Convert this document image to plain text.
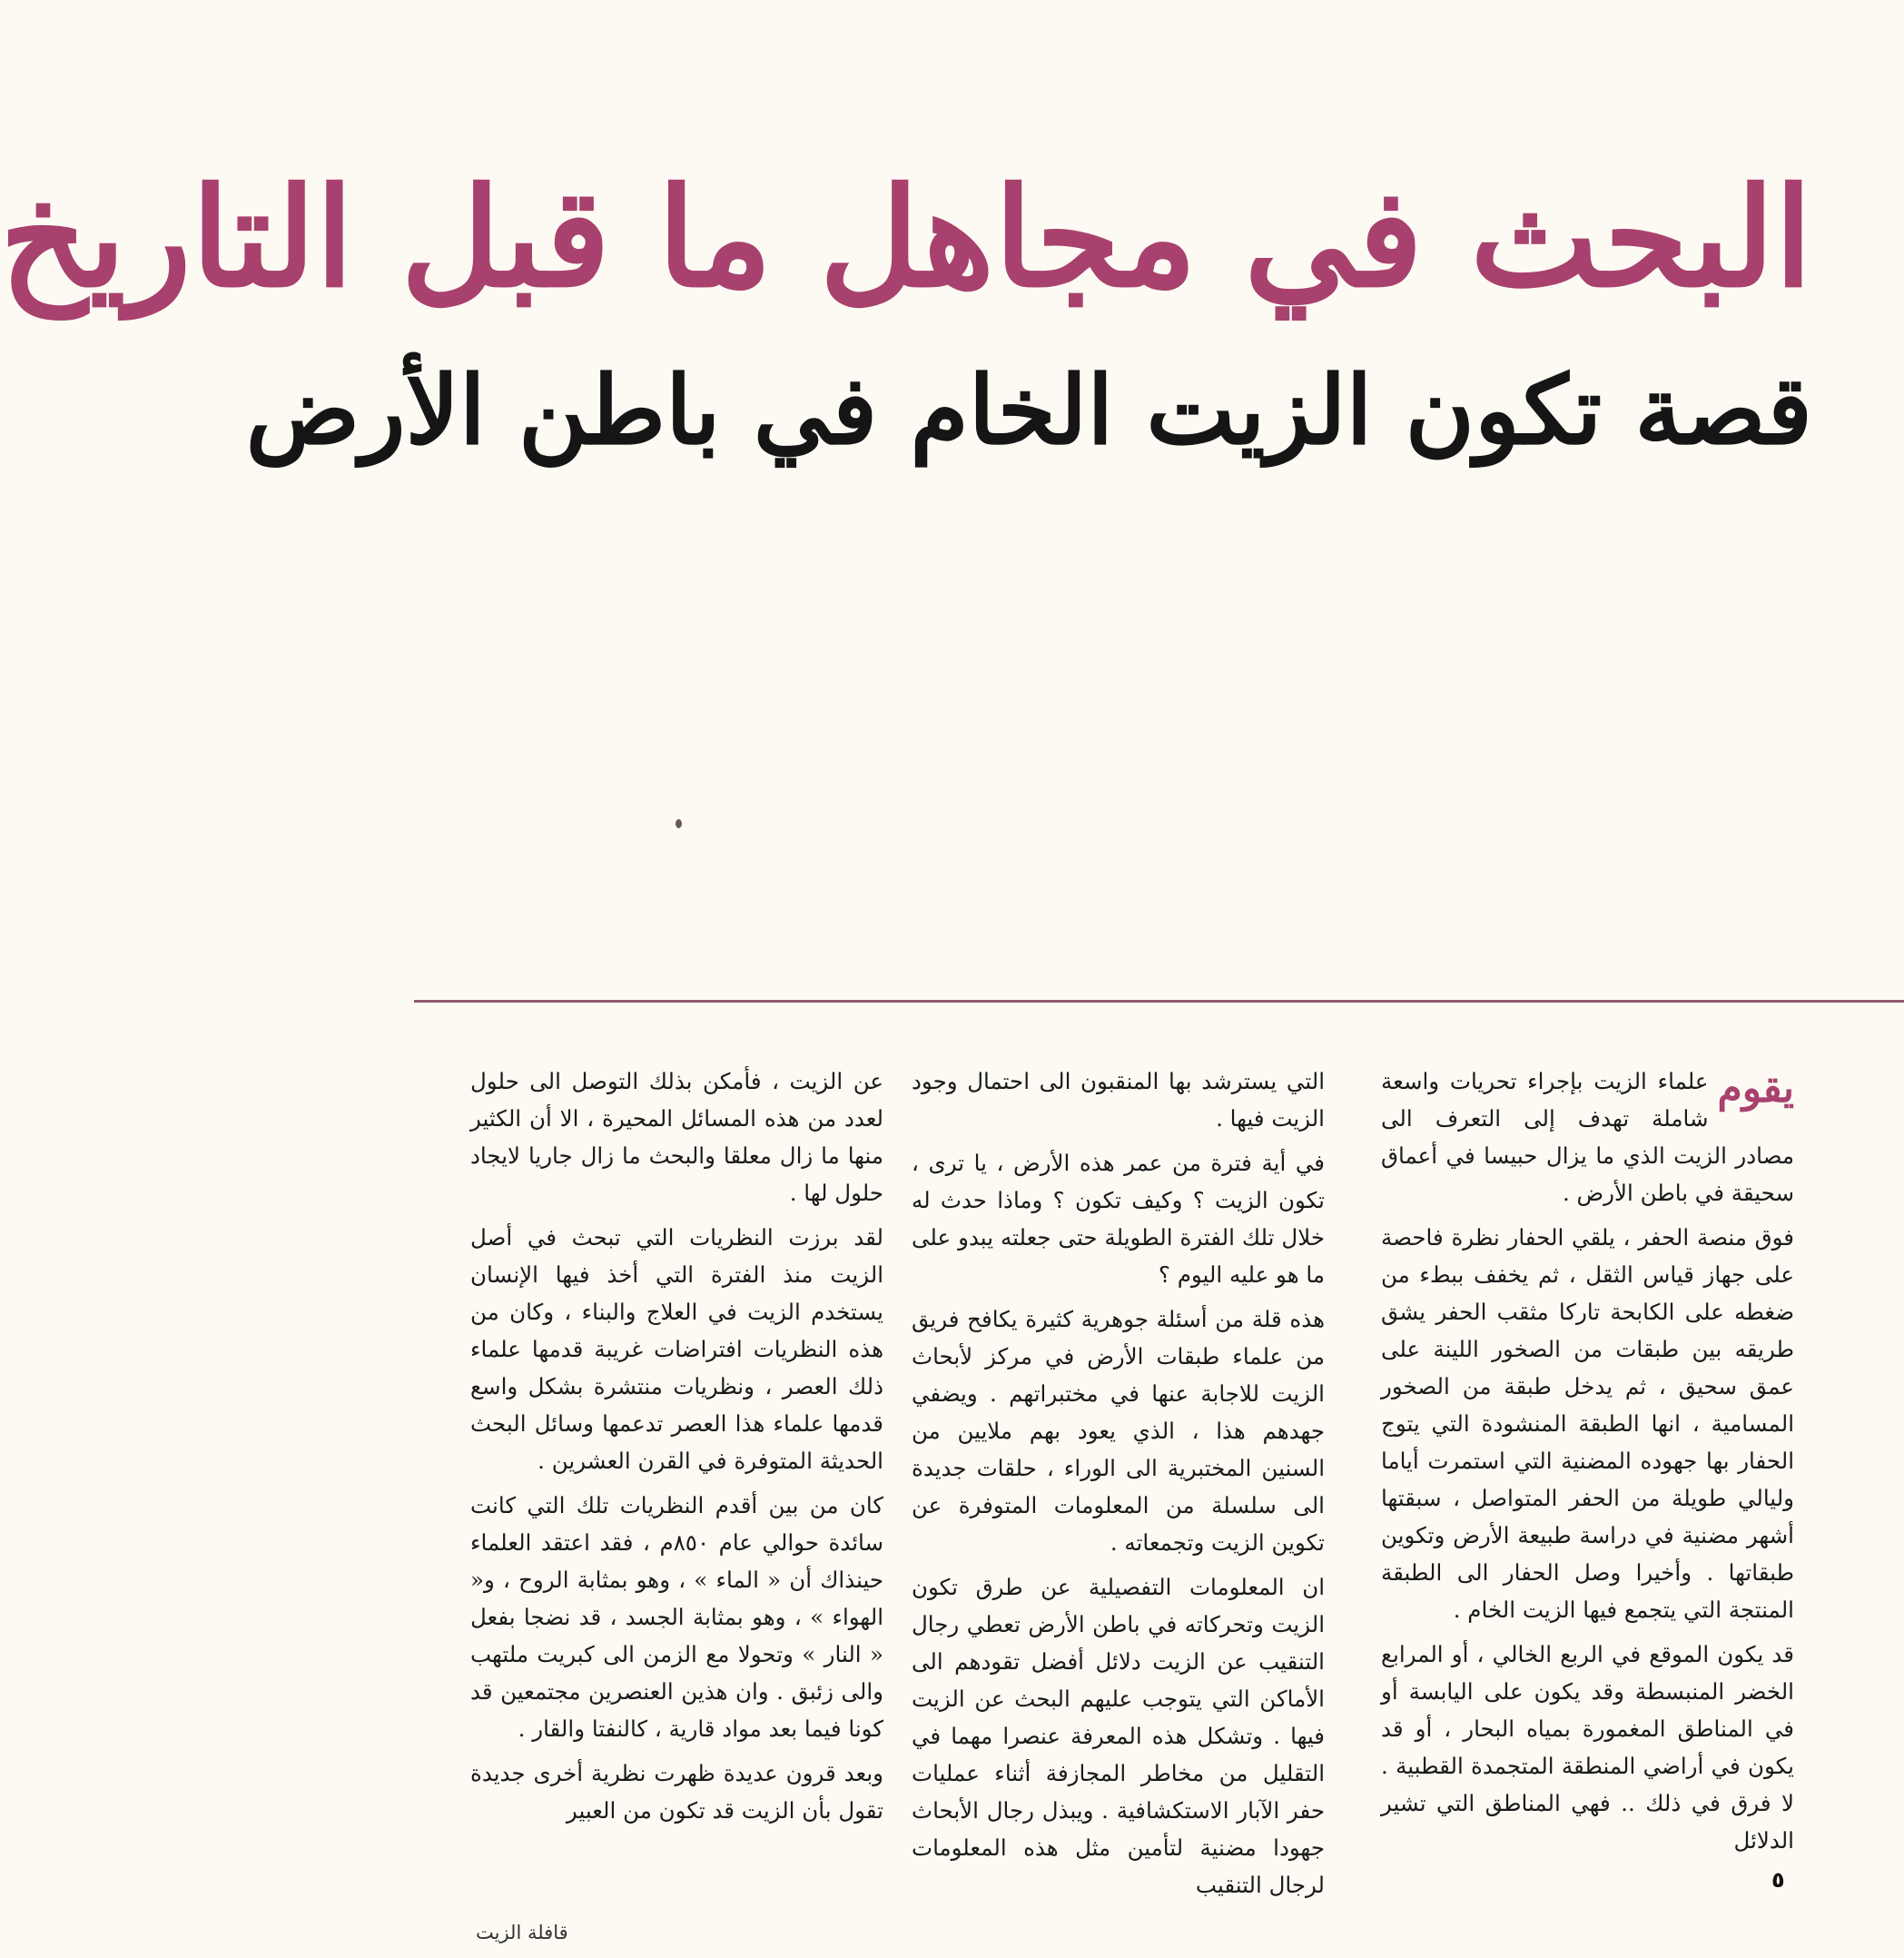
البحث في مجاهل ما قبل التاريخ
قصة تكون الزيت الخام في باطن الأرض

يقوم
علماء الزيت بإجراء تحريات واسعة شاملة تهدف إلى التعرف الى مصادر الزيت الذي ما يزال حبيسا في أعماق سحيقة في باطن الأرض .

فوق منصة الحفر ، يلقي الحفار نظرة فاحصة على جهاز قياس الثقل ، ثم يخفف ببطء من ضغطه على الكابحة تاركا مثقب الحفر يشق طريقه بين طبقات من الصخور اللينة على عمق سحيق ، ثم يدخل طبقة من الصخور المسامية ، انها الطبقة المنشودة التي يتوج الحفار بها جهوده المضنية التي استمرت أياما وليالي طويلة من الحفر المتواصل ، سبقتها أشهر مضنية في دراسة طبيعة الأرض وتكوين طبقاتها . وأخيرا وصل الحفار الى الطبقة المنتجة التي يتجمع فيها الزيت الخام .

قد يكون الموقع في الربع الخالي ، أو المرابع الخضر المنبسطة وقد يكون على اليابسة أو في المناطق المغمورة بمياه البحار ، أو قد يكون في أراضي المنطقة المتجمدة القطبية . لا فرق في ذلك .. فهي المناطق التي تشير الدلائل

التي يسترشد بها المنقبون الى احتمال وجود الزيت فيها .

في أية فترة من عمر هذه الأرض ، يا ترى ، تكون الزيت ؟ وكيف تكون ؟ وماذا حدث له خلال تلك الفترة الطويلة حتى جعلته يبدو على ما هو عليه اليوم ؟

هذه قلة من أسئلة جوهرية كثيرة يكافح فريق من علماء طبقات الأرض في مركز لأبحاث الزيت للاجابة عنها في مختبراتهم . ويضفي جهدهم هذا ، الذي يعود بهم ملايين من السنين المختبرية الى الوراء ، حلقات جديدة الى سلسلة من المعلومات المتوفرة عن تكوين الزيت وتجمعاته .

ان المعلومات التفصيلية عن طرق تكون الزيت وتحركاته في باطن الأرض تعطي رجال التنقيب عن الزيت دلائل أفضل تقودهم الى الأماكن التي يتوجب عليهم البحث عن الزيت فيها . وتشكل هذه المعرفة عنصرا مهما في التقليل من مخاطر المجازفة أثناء عمليات حفر الآبار الاستكشافية . ويبذل رجال الأبحاث جهودا مضنية لتأمين مثل هذه المعلومات لرجال التنقيب

عن الزيت ، فأمكن بذلك التوصل الى حلول لعدد من هذه المسائل المحيرة ، الا أن الكثير منها ما زال معلقا والبحث ما زال جاريا لايجاد حلول لها .

لقد برزت النظريات التي تبحث في أصل الزيت منذ الفترة التي أخذ فيها الإنسان يستخدم الزيت في العلاج والبناء ، وكان من هذه النظريات افتراضات غريبة قدمها علماء ذلك العصر ، ونظريات منتشرة بشكل واسع قدمها علماء هذا العصر تدعمها وسائل البحث الحديثة المتوفرة في القرن العشرين .

كان من بين أقدم النظريات تلك التي كانت سائدة حوالي عام ٨٥٠م ، فقد اعتقد العلماء حينذاك أن « الماء » ، وهو بمثابة الروح ، و« الهواء » ، وهو بمثابة الجسد ، قد نضجا بفعل « النار » وتحولا مع الزمن الى كبريت ملتهب والى زئبق . وان هذين العنصرين مجتمعين قد كونا فيما بعد مواد قارية ، كالنفتا والقار .

وبعد قرون عديدة ظهرت نظرية أخرى جديدة تقول بأن الزيت قد تكون من العبير

٥
قافلة الزيت
